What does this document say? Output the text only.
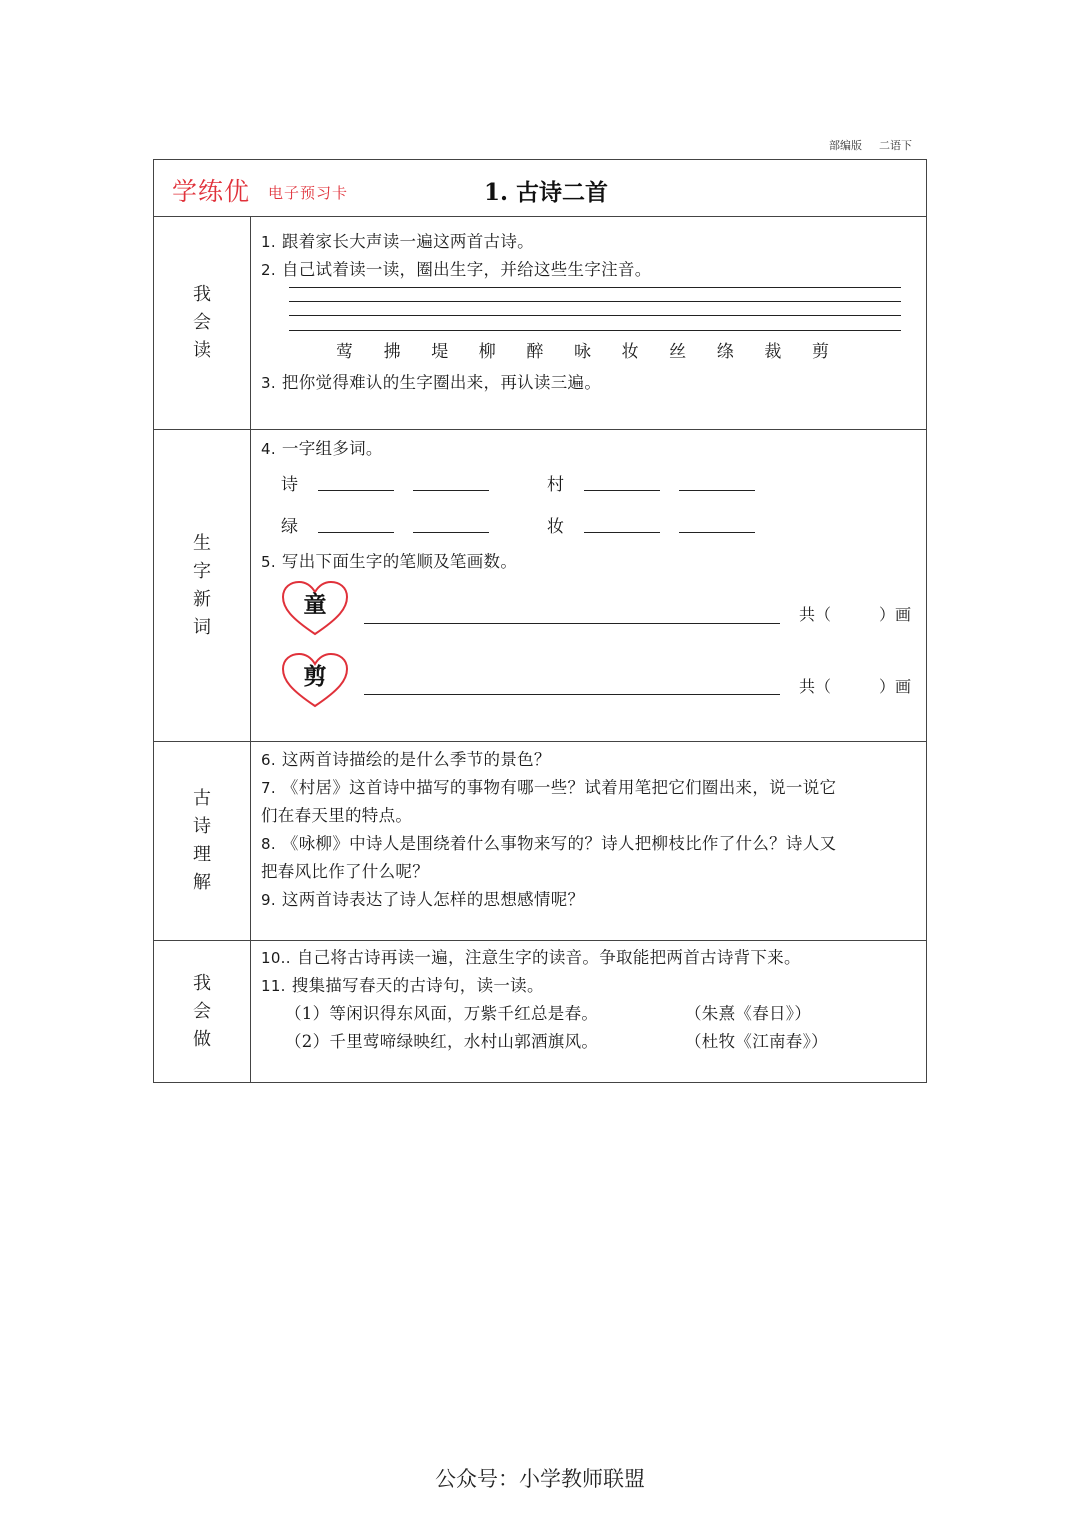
部编版 二语下
学练优 电子预习卡	1. 古诗二首
我
会
读
1. 跟着家长大声读一遍这两首古诗。
2. 自己试着读一读，圈出生字，并给这些生字注音。
莺	拂	堤	柳	醉	咏	妆	丝	绦	裁	剪
3. 把你觉得难认的生字圈出来，再认读三遍。
生
字
新
词
4. 一字组多词。
诗	村
绿	妆
5. 写出下面生字的笔顺及笔画数。
童	共（	）画
剪	共（	）画
古
诗
理
解
6. 这两首诗描绘的是什么季节的景色？
7. 《村居》这首诗中描写的事物有哪一些？试着用笔把它们圈出来，说一说它
们在春天里的特点。
8. 《咏柳》中诗人是围绕着什么事物来写的？诗人把柳枝比作了什么？诗人又
把春风比作了什么呢？
9. 这两首诗表达了诗人怎样的思想感情呢？
我
会
做
10.. 自己将古诗再读一遍，注意生字的读音。争取能把两首古诗背下来。
11. 搜集描写春天的古诗句，读一读。
（1）等闲识得东风面，万紫千红总是春。	（朱熹《春日》）
（2）千里莺啼绿映红，水村山郭酒旗风。	（杜牧《江南春》）
公众号：小学教师联盟
